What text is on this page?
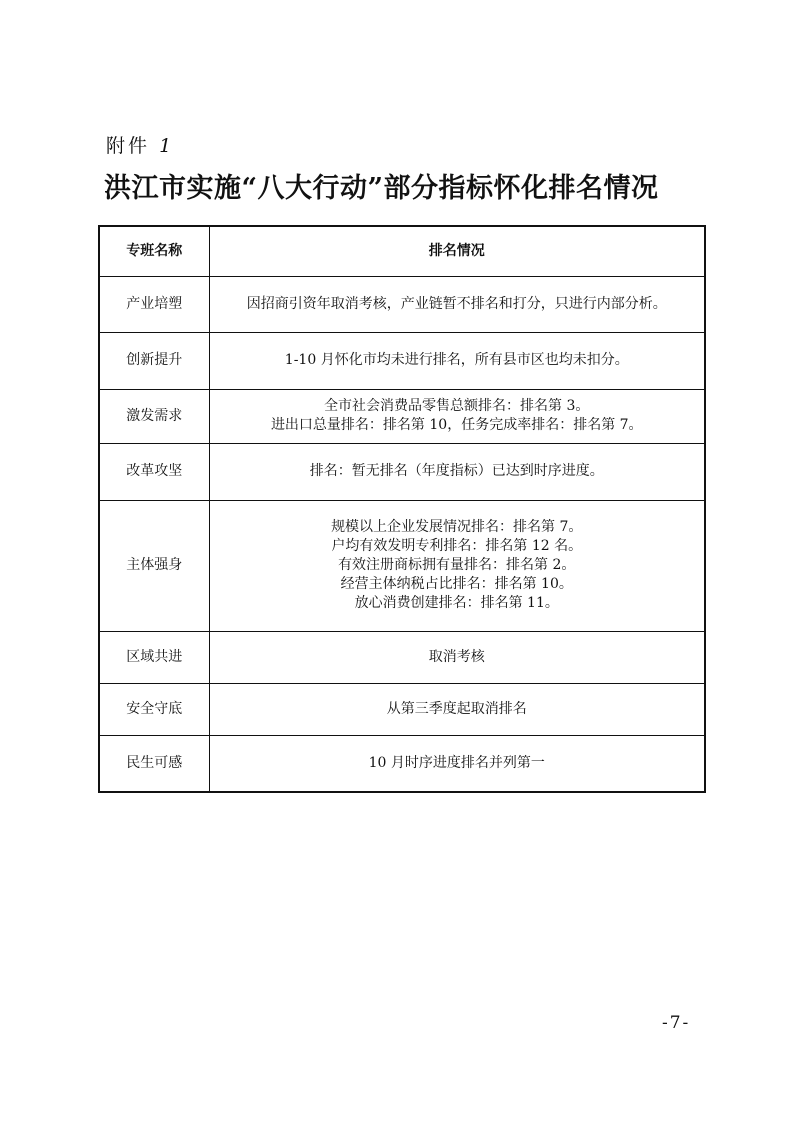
附件 1
洪江市实施“八大行动”部分指标怀化排名情况
专班名称	排名情况
产业培塑	因招商引资年取消考核，产业链暂不排名和打分，只进行内部分析。

创新提升	1-10 月怀化市均未进行排名，所有县市区也均未扣分。

激发需求	全市社会消费品零售总额排名：排名第 3。
进出口总量排名：排名第 10，任务完成率排名：排名第 7。

改革攻坚	排名：暂无排名（年度指标）已达到时序进度。

主体强身	规模以上企业发展情况排名：排名第 7。
户均有效发明专利排名：排名第 12 名。
有效注册商标拥有量排名：排名第 2。
经营主体纳税占比排名：排名第 10。
放心消费创建排名：排名第 11。

区域共进	取消考核

安全守底	从第三季度起取消排名

民生可感	10 月时序进度排名并列第一
-7-
